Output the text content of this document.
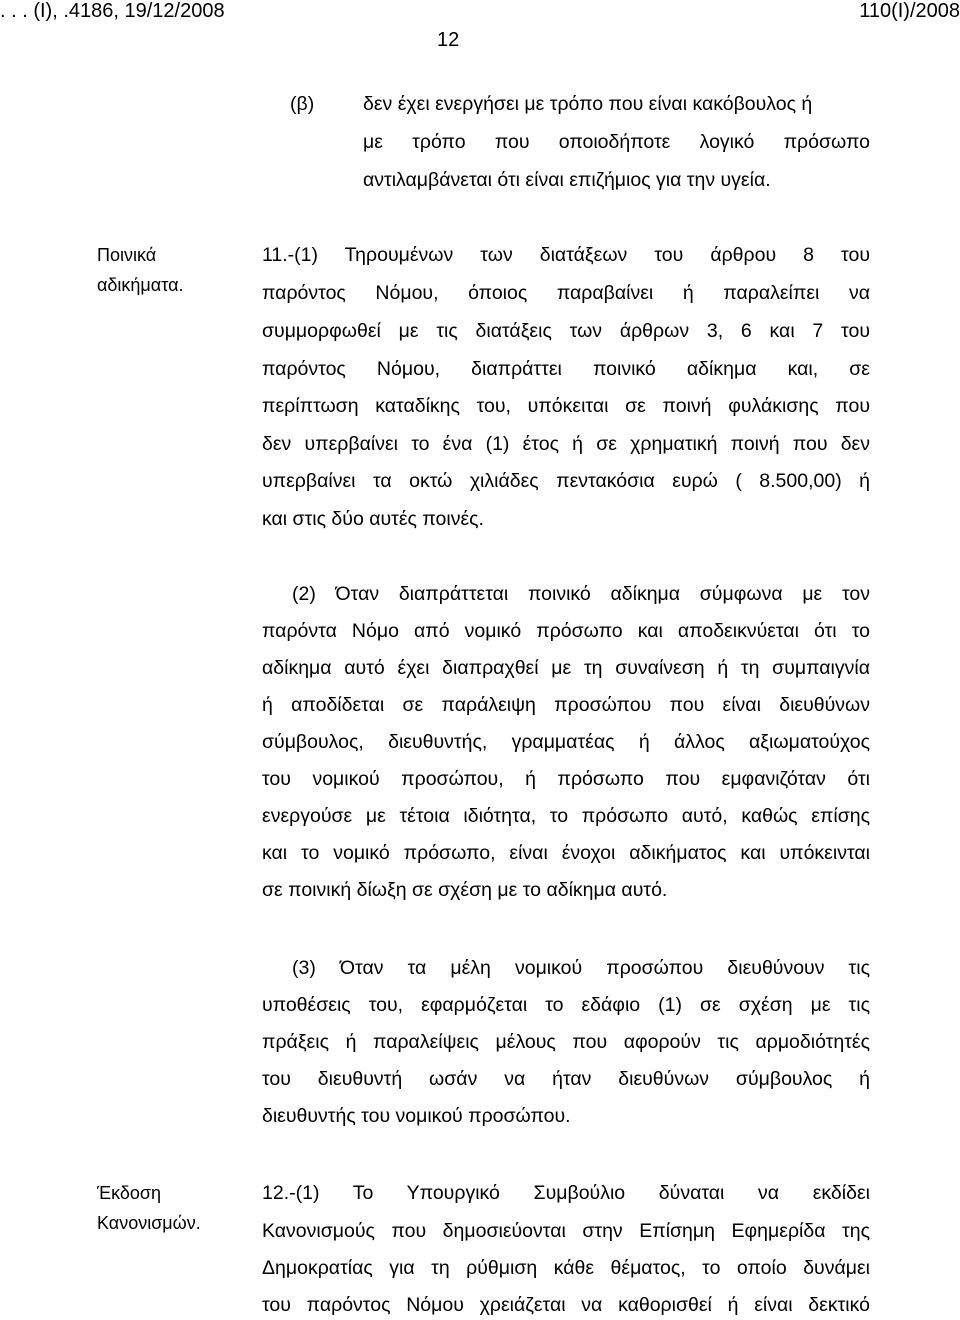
. . . (Ι), .4186, 19/12/2008	110(Ι)/2008
12
(β)	δεν έχει ενεργήσει με τρόπο που είναι κακόβουλος ή
με τρόπο που οποιοδήποτε λογικό πρόσωπο
αντιλαμβάνεται ότι είναι επιζήμιος για την υγεία.
Ποινικά
αδικήματα.
11.-(1) Τηρουμένων των διατάξεων του άρθρου 8 του
παρόντος Νόμου, όποιος παραβαίνει ή παραλείπει να
συμμορφωθεί με τις διατάξεις των άρθρων 3, 6 και 7 του
παρόντος Νόμου, διαπράττει ποινικό αδίκημα και, σε
περίπτωση καταδίκης του, υπόκειται σε ποινή φυλάκισης που
δεν υπερβαίνει το ένα (1) έτος ή σε χρηματική ποινή που δεν
υπερβαίνει τα οκτώ χιλιάδες πεντακόσια ευρώ ( 8.500,00) ή
και στις δύο αυτές ποινές.
(2) Όταν διαπράττεται ποινικό αδίκημα σύμφωνα με τον
παρόντα Νόμο από νομικό πρόσωπο και αποδεικνύεται ότι το
αδίκημα αυτό έχει διαπραχθεί με τη συναίνεση ή τη συμπαιγνία
ή αποδίδεται σε παράλειψη προσώπου που είναι διευθύνων
σύμβουλος, διευθυντής, γραμματέας ή άλλος αξιωματούχος
του νομικού προσώπου, ή πρόσωπο που εμφανιζόταν ότι
ενεργούσε με τέτοια ιδιότητα, το πρόσωπο αυτό, καθώς επίσης
και το νομικό πρόσωπο, είναι ένοχοι αδικήματος και υπόκεινται
σε ποινική δίωξη σε σχέση με το αδίκημα αυτό.
(3) Όταν τα μέλη νομικού προσώπου διευθύνουν τις
υποθέσεις του, εφαρμόζεται το εδάφιο (1) σε σχέση με τις
πράξεις ή παραλείψεις μέλους που αφορούν τις αρμοδιότητές
του διευθυντή ωσάν να ήταν διευθύνων σύμβουλος ή
διευθυντής του νομικού προσώπου.
Έκδοση
Κανονισμών.
12.-(1) Το Υπουργικό Συμβούλιο δύναται να εκδίδει
Κανονισμούς που δημοσιεύονται στην Επίσημη Εφημερίδα της
Δημοκρατίας για τη ρύθμιση κάθε θέματος, το οποίο δυνάμει
του παρόντος Νόμου χρειάζεται να καθορισθεί ή είναι δεκτικό
